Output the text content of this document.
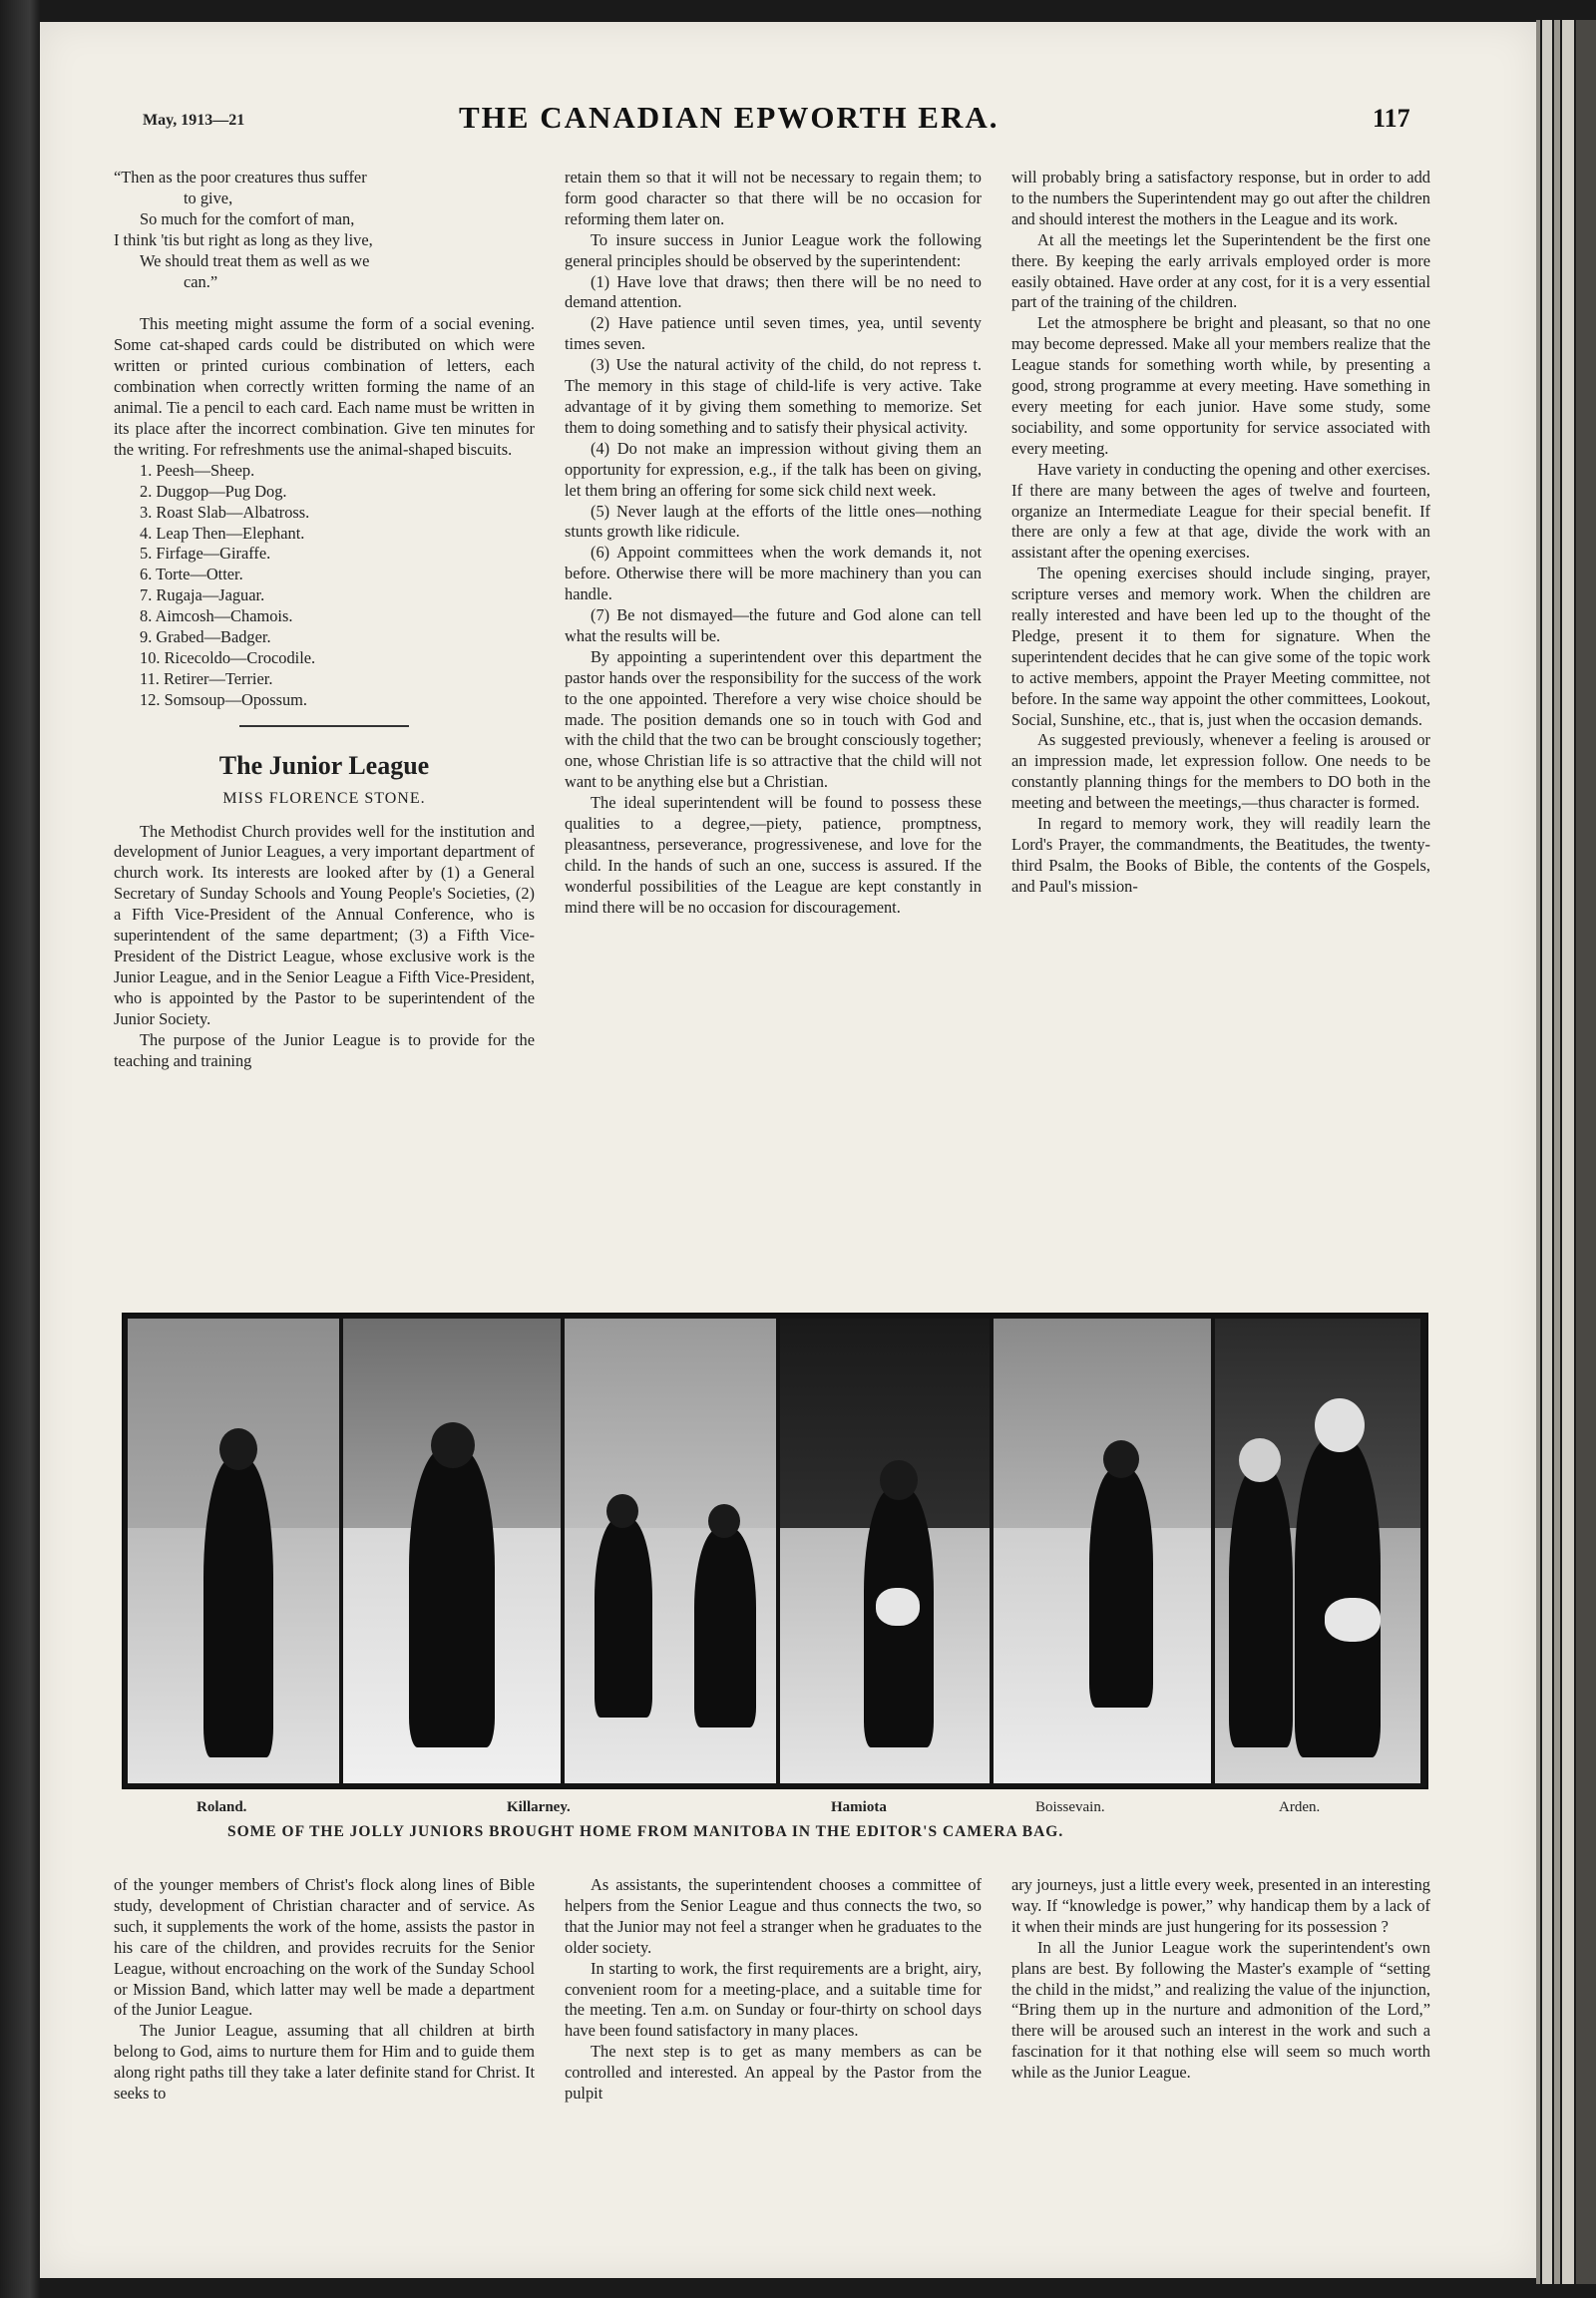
May, 1913—21	THE CANADIAN EPWORTH ERA.	117
“Then as the poor creatures thus suffer
to give,
So much for the comfort of man,
I think 'tis but right as long as they live,
We should treat them as well as we
can.”

This meeting might assume the form of a social evening. Some cat-shaped cards could be distributed on which were written or printed curious combination of letters, each combination when correctly written forming the name of an animal. Tie a pencil to each card. Each name must be written in its place after the incorrect combination. Give ten minutes for the writing. For refreshments use the animal-shaped biscuits.

1. Peesh—Sheep.
2. Duggop—Pug Dog.
3. Roast Slab—Albatross.
4. Leap Then—Elephant.
5. Firfage—Giraffe.
6. Torte—Otter.
7. Rugaja—Jaguar.
8. Aimcosh—Chamois.
9. Grabed—Badger.
10. Ricecoldo—Crocodile.
11. Retirer—Terrier.
12. Somsoup—Opossum.
The Junior League
MISS FLORENCE STONE.

The Methodist Church provides well for the institution and development of Junior Leagues, a very important department of church work. Its interests are looked after by (1) a General Secretary of Sunday Schools and Young People's Societies, (2) a Fifth Vice-President of the Annual Conference, who is superintendent of the same department; (3) a Fifth Vice-President of the District League, whose exclusive work is the Junior League, and in the Senior League a Fifth Vice-President, who is appointed by the Pastor to be superintendent of the Junior Society.

The purpose of the Junior League is to provide for the teaching and training

retain them so that it will not be necessary to regain them; to form good character so that there will be no occasion for reforming them later on.

To insure success in Junior League work the following general principles should be observed by the superintendent:

(1) Have love that draws; then there will be no need to demand attention.

(2) Have patience until seven times, yea, until seventy times seven.

(3) Use the natural activity of the child, do not repress t. The memory in this stage of child-life is very active. Take advantage of it by giving them something to memorize. Set them to doing something and to satisfy their physical activity.

(4) Do not make an impression without giving them an opportunity for expression, e.g., if the talk has been on giving, let them bring an offering for some sick child next week.

(5) Never laugh at the efforts of the little ones—nothing stunts growth like ridicule.

(6) Appoint committees when the work demands it, not before. Otherwise there will be more machinery than you can handle.

(7) Be not dismayed—the future and God alone can tell what the results will be.

By appointing a superintendent over this department the pastor hands over the responsibility for the success of the work to the one appointed. Therefore a very wise choice should be made. The position demands one so in touch with God and with the child that the two can be brought consciously together; one, whose Christian life is so attractive that the child will not want to be anything else but a Christian.

The ideal superintendent will be found to possess these qualities to a degree,—piety, patience, promptness, pleasantness, perseverance, progressivenese, and love for the child. In the hands of such an one, success is assured. If the wonderful possibilities of the League are kept constantly in mind there will be no occasion for discouragement.

will probably bring a satisfactory response, but in order to add to the numbers the Superintendent may go out after the children and should interest the mothers in the League and its work.

At all the meetings let the Superintendent be the first one there. By keeping the early arrivals employed order is more easily obtained. Have order at any cost, for it is a very essential part of the training of the children.

Let the atmosphere be bright and pleasant, so that no one may become depressed. Make all your members realize that the League stands for something worth while, by presenting a good, strong programme at every meeting. Have something in every meeting for each junior. Have some study, some sociability, and some opportunity for service associated with every meeting.

Have variety in conducting the opening and other exercises. If there are many between the ages of twelve and fourteen, organize an Intermediate League for their special benefit. If there are only a few at that age, divide the work with an assistant after the opening exercises.

The opening exercises should include singing, prayer, scripture verses and memory work. When the children are really interested and have been led up to the thought of the Pledge, present it to them for signature. When the superintendent decides that he can give some of the topic work to active members, appoint the Prayer Meeting committee, not before. In the same way appoint the other committees, Lookout, Social, Sunshine, etc., that is, just when the occasion demands.

As suggested previously, whenever a feeling is aroused or an impression made, let expression follow. One needs to be constantly planning things for the members to DO both in the meeting and between the meetings,—thus character is formed.

In regard to memory work, they will readily learn the Lord's Prayer, the commandments, the Beatitudes, the twenty-third Psalm, the Books of Bible, the contents of the Gospels, and Paul's mission-

Roland.	Killarney.	Hamiota	Boissevain.	Arden.
SOME OF THE JOLLY JUNIORS BROUGHT HOME FROM MANITOBA IN THE EDITOR'S CAMERA BAG.

of the younger members of Christ's flock along lines of Bible study, development of Christian character and of service. As such, it supplements the work of the home, assists the pastor in his care of the children, and provides recruits for the Senior League, without encroaching on the work of the Sunday School or Mission Band, which latter may well be made a department of the Junior League.

The Junior League, assuming that all children at birth belong to God, aims to nurture them for Him and to guide them along right paths till they take a later definite stand for Christ. It seeks to

As assistants, the superintendent chooses a committee of helpers from the Senior League and thus connects the two, so that the Junior may not feel a stranger when he graduates to the older society.

In starting to work, the first requirements are a bright, airy, convenient room for a meeting-place, and a suitable time for the meeting. Ten a.m. on Sunday or four-thirty on school days have been found satisfactory in many places.

The next step is to get as many members as can be controlled and interested. An appeal by the Pastor from the pulpit

ary journeys, just a little every week, presented in an interesting way. If “knowledge is power,” why handicap them by a lack of it when their minds are just hungering for its possession ?

In all the Junior League work the superintendent's own plans are best. By following the Master's example of “setting the child in the midst,” and realizing the value of the injunction, “Bring them up in the nurture and admonition of the Lord,” there will be aroused such an interest in the work and such a fascination for it that nothing else will seem so much worth while as the Junior League.
